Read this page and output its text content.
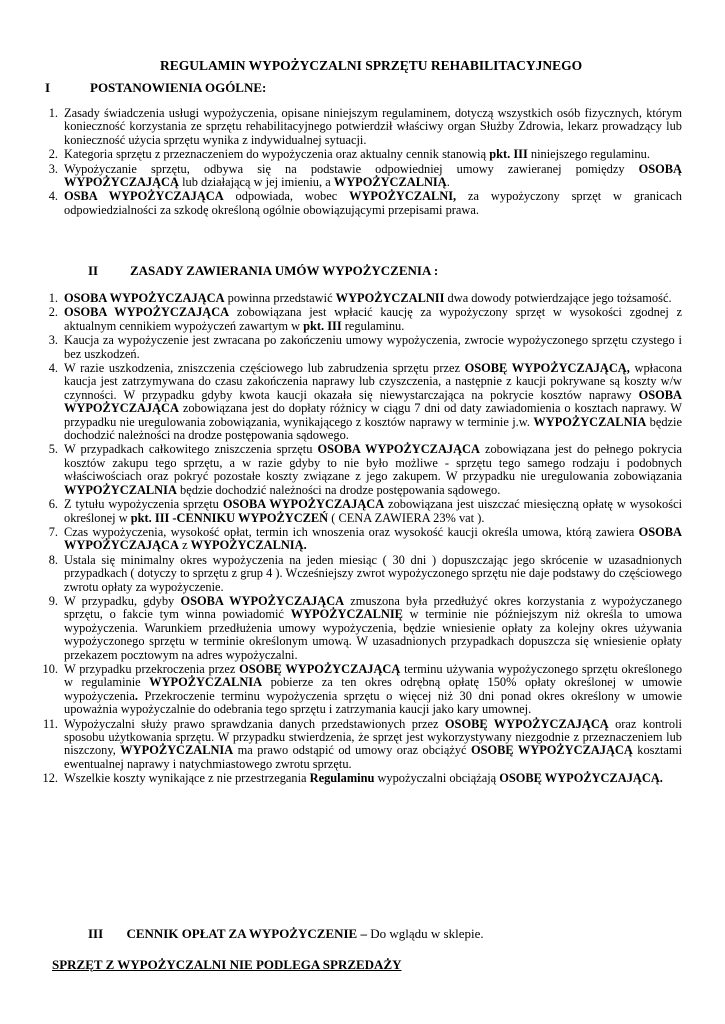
REGULAMIN WYPOŻYCZALNI SPRZĘTU REHABILITACYJNEGO
I	POSTANOWIENIA OGÓLNE:
1. Zasady świadczenia usługi wypożyczenia, opisane niniejszym regulaminem, dotyczą wszystkich osób fizycznych, którym konieczność korzystania ze sprzętu rehabilitacyjnego potwierdził właściwy organ Służby Zdrowia, lekarz prowadzący lub konieczność użycia sprzętu wynika z indywidualnej sytuacji.
2. Kategoria sprzętu z przeznaczeniem do wypożyczenia oraz aktualny cennik stanowią pkt. III niniejszego regulaminu.
3. Wypożyczanie sprzętu, odbywa się na podstawie odpowiedniej umowy zawieranej pomiędzy OSOBĄ WYPOŻYCZAJĄCĄ lub działającą w jej imieniu, a WYPOŻYCZALNIĄ.
4. OSBA WYPOŻYCZAJĄCA odpowiada, wobec WYPOŻYCZALNI, za wypożyczony sprzęt w granicach odpowiedzialności za szkodę określoną ogólnie obowiązującymi przepisami prawa.
II ZASADY ZAWIERANIA UMÓW WYPOŻYCZENIA :
1. OSOBA WYPOŻYCZAJĄCA powinna przedstawić WYPOŻYCZALNII dwa dowody potwierdzające jego tożsamość.
2. OSOBA WYPOŻYCZAJĄCA zobowiązana jest wpłacić kaucję za wypożyczony sprzęt w wysokości zgodnej z aktualnym cennikiem wypożyczeń zawartym w pkt. III regulaminu.
3. Kaucja za wypożyczenie jest zwracana po zakończeniu umowy wypożyczenia, zwrocie wypożyczonego sprzętu czystego i bez uszkodzeń.
4. W razie uszkodzenia, zniszczenia częściowego lub zabrudzenia sprzętu przez OSOBĘ WYPOŻYCZAJĄCĄ, wpłacona kaucja jest zatrzymywana do czasu zakończenia naprawy lub czyszczenia, a następnie z kaucji pokrywane są koszty w/w czynności. W przypadku gdyby kwota kaucji okazała się niewystarczająca na pokrycie kosztów naprawy OSOBA WYPOŻYCZAJĄCA zobowiązana jest do dopłaty różnicy w ciągu 7 dni od daty zawiadomienia o kosztach naprawy. W przypadku nie uregulowania zobowiązania, wynikającego z kosztów naprawy w terminie j.w. WYPOŻYCZALNIA będzie dochodzić należności na drodze postępowania sądowego.
5. W przypadkach całkowitego zniszczenia sprzętu OSOBA WYPOŻYCZAJĄCA zobowiązana jest do pełnego pokrycia kosztów zakupu tego sprzętu, a w razie gdyby to nie było możliwe - sprzętu tego samego rodzaju i podobnych właściwościach oraz pokryć pozostałe koszty związane z jego zakupem. W przypadku nie uregulowania zobowiązania WYPOŻYCZALNIA będzie dochodzić należności na drodze postępowania sądowego.
6. Z tytułu wypożyczenia sprzętu OSOBA WYPOŻYCZAJĄCA zobowiązana jest uiszczać miesięczną opłatę w wysokości określonej w pkt. III -CENNIKU WYPOŻYCZEŃ ( CENA ZAWIERA 23% vat ).
7. Czas wypożyczenia, wysokość opłat, termin ich wnoszenia oraz wysokość kaucji określa umowa, którą zawiera OSOBA WYPOŻYCZAJĄCA z WYPOŻYCZALNIĄ.
8. Ustala się minimalny okres wypożyczenia na jeden miesiąc ( 30 dni ) dopuszczając jego skrócenie w uzasadnionych przypadkach ( dotyczy to sprzętu z grup 4 ). Wcześniejszy zwrot wypożyczonego sprzętu nie daje podstawy do częściowego zwrotu opłaty za wypożyczenie.
9. W przypadku, gdyby OSOBA WYPOŻYCZAJĄCA zmuszona była przedłużyć okres korzystania z wypożyczanego sprzętu, o fakcie tym winna powiadomić WYPOŻYCZALNIĘ w terminie nie późniejszym niż określa to umowa wypożyczenia. Warunkiem przedłużenia umowy wypożyczenia, będzie wniesienie opłaty za kolejny okres używania wypożyczonego sprzętu w terminie określonym umową. W uzasadnionych przypadkach dopuszcza się wniesienie opłaty przekazem pocztowym na adres wypożyczalni.
10. W przypadku przekroczenia przez OSOBĘ WYPOŻYCZAJĄCĄ terminu używania wypożyczonego sprzętu określonego w regulaminie WYPOŻYCZALNIA pobierze za ten okres odrębną opłatę 150% opłaty określonej w umowie wypożyczenia. Przekroczenie terminu wypożyczenia sprzętu o więcej niż 30 dni ponad okres określony w umowie upoważnia wypożyczalnie do odebrania tego sprzętu i zatrzymania kaucji jako kary umownej.
11. Wypożyczalni służy prawo sprawdzania danych przedstawionych przez OSOBĘ WYPOŻYCZAJĄCĄ oraz kontroli sposobu użytkowania sprzętu. W przypadku stwierdzenia, że sprzęt jest wykorzystywany niezgodnie z przeznaczeniem lub niszczony, WYPOŻYCZALNIA ma prawo odstąpić od umowy oraz obciążyć OSOBĘ WYPOŻYCZAJĄCĄ kosztami ewentualnej naprawy i natychmiastowego zwrotu sprzętu.
12. Wszelkie koszty wynikające z nie przestrzegania Regulaminu wypożyczalni obciążają OSOBĘ WYPOŻYCZAJĄCĄ.
III CENNIK OPŁAT ZA WYPOŻYCZENIE – Do wglądu w sklepie.
SPRZĘT Z WYPOŻYCZALNI NIE PODLEGA SPRZEDAŻY
